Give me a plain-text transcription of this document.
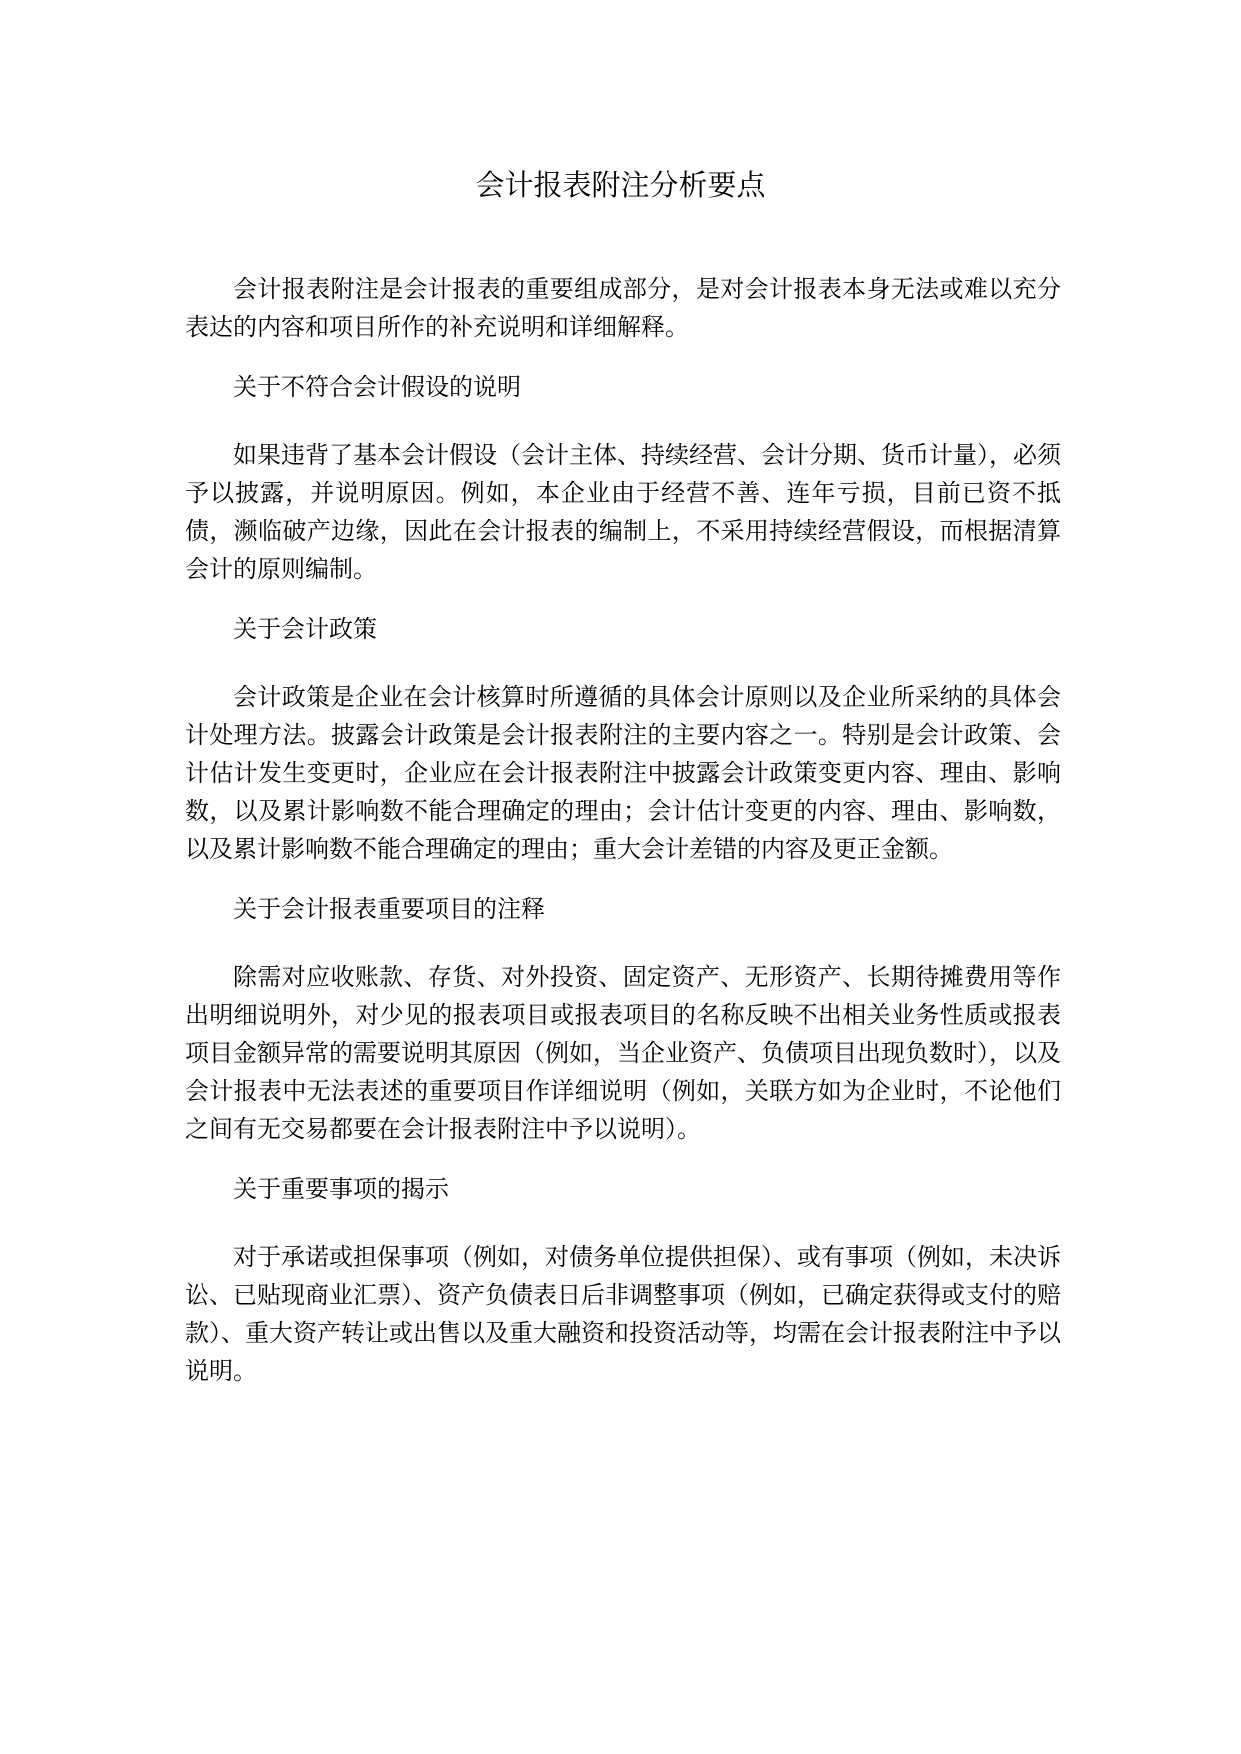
会计报表附注分析要点

会计报表附注是会计报表的重要组成部分，是对会计报表本身无法或难以充分表达的内容和项目所作的补充说明和详细解释。

关于不符合会计假设的说明

如果违背了基本会计假设（会计主体、持续经营、会计分期、货币计量），必须予以披露，并说明原因。例如，本企业由于经营不善、连年亏损，目前已资不抵债，濒临破产边缘，因此在会计报表的编制上，不采用持续经营假设，而根据清算会计的原则编制。

关于会计政策

会计政策是企业在会计核算时所遵循的具体会计原则以及企业所采纳的具体会计处理方法。披露会计政策是会计报表附注的主要内容之一。特别是会计政策、会计估计发生变更时，企业应在会计报表附注中披露会计政策变更内容、理由、影响数，以及累计影响数不能合理确定的理由；会计估计变更的内容、理由、影响数，以及累计影响数不能合理确定的理由；重大会计差错的内容及更正金额。

关于会计报表重要项目的注释

除需对应收账款、存货、对外投资、固定资产、无形资产、长期待摊费用等作出明细说明外，对少见的报表项目或报表项目的名称反映不出相关业务性质或报表项目金额异常的需要说明其原因（例如，当企业资产、负债项目出现负数时），以及会计报表中无法表述的重要项目作详细说明（例如，关联方如为企业时，不论他们之间有无交易都要在会计报表附注中予以说明）。

关于重要事项的揭示

对于承诺或担保事项（例如，对债务单位提供担保）、或有事项（例如，未决诉讼、已贴现商业汇票）、资产负债表日后非调整事项（例如，已确定获得或支付的赔款）、重大资产转让或出售以及重大融资和投资活动等，均需在会计报表附注中予以说明。
